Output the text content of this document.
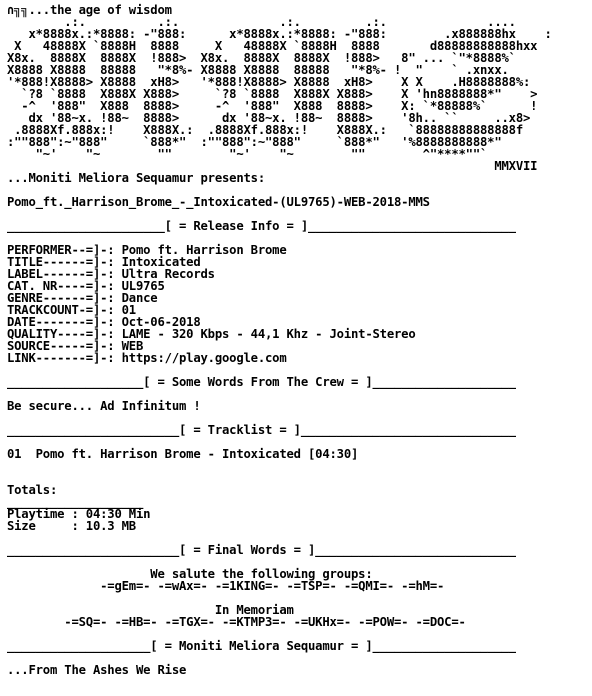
∩╗╗...the age of wisdom
.:.          .:.              .:.         .:.              ....
x*8888x.:*8888: -"888:      x*8888x.:*8888: -"888:        .x888888hx    :
X   48888X `8888H  8888     X   48888X `8888H  8888       d88888888888hxx
X8x.  8888X  8888X  !888>  X8x.  8888X  8888X  !888>   8" ... `"*8888%`
X8888 X8888  88888   "*8%- X8888 X8888  88888   "*8%- !  "    ` .xnxx.
'*888!X8888> X8888  xH8>   '*888!X8888> X8888  xH8>    X X    .H8888888%:
`?8 `8888  X888X X888>     `?8 `8888  X888X X888>    X 'hn8888888*"    >
-^  '888"  X888  8888>     -^  '888"  X888  8888>    X: `*88888%`      !
dx '88~x. !88~  8888>      dx '88~x. !88~  8888>    '8h.. ``     ..x8>
.8888Xf.888x:!    X888X.:  .8888Xf.888x:!    X888X.:   `88888888888888f
:""888":~"888"     `888*"  :""888":~"888"     `888*"   '%8888888888*"
"~'    "~        ""        "~'    "~        ""        ^"****""`
MMXVII
...Moniti Meliora Sequamur presents:

Pomo_ft._Harrison_Brome_-_Intoxicated-(UL9765)-WEB-2018-MMS

______________________[ = Release Info = ]_____________________________

PERFORMER--=]-: Pomo ft. Harrison Brome
TITLE------=]-: Intoxicated
LABEL------=]-: Ultra Records
CAT. NR----=]-: UL9765
GENRE------=]-: Dance
TRACKCOUNT-=]-: 01
DATE-------=]-: Oct-06-2018
QUALITY----=]-: LAME - 320 Kbps - 44,1 Khz - Joint-Stereo
SOURCE-----=]-: WEB
LINK-------=]-: https://play.google.com

___________________[ = Some Words From The Crew = ]____________________

Be secure... Ad Infinitum !

________________________[ = Tracklist = ]______________________________

01  Pomo ft. Harrison Brome - Intoxicated [04:30]

Totals:
___________________
Playtime : 04:30 Min
Size     : 10.3 MB

________________________[ = Final Words = ]____________________________

We salute the following groups:
-=gEm=- -=wAx=- -=1KING=- -=TSP=- -=QMI=- -=hM=-

In Memoriam
-=SQ=- -=HB=- -=TGX=- -=KTMP3=- -=UKHx=- -=POW=- -=DOC=-

____________________[ = Moniti Meliora Sequamur = ]____________________

...From The Ashes We Rise
